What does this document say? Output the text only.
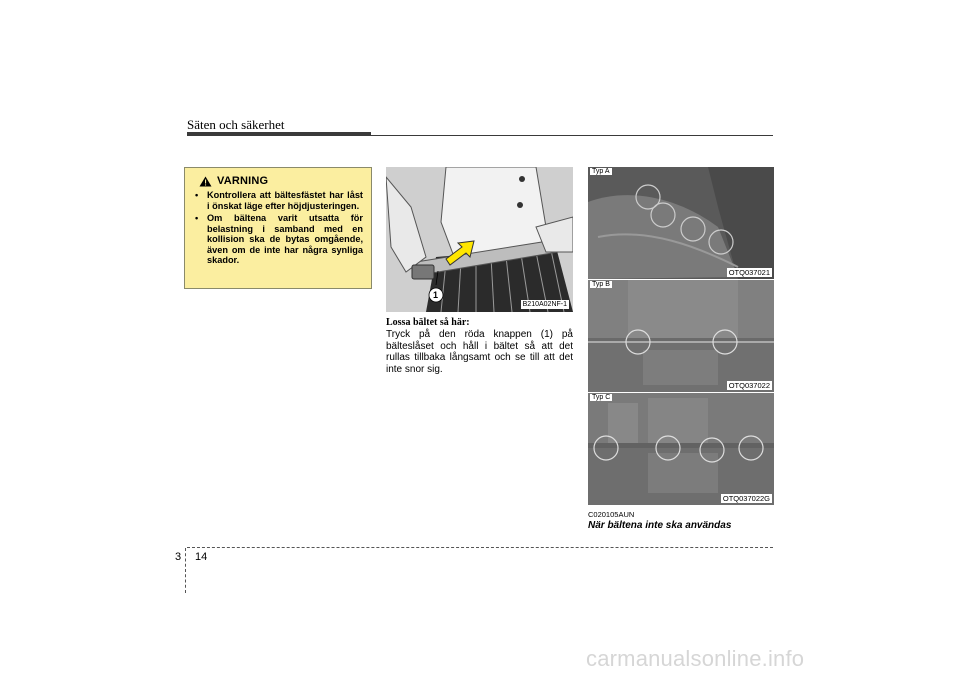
Säten och säkerhet
VARNING
• Kontrollera att bältesfästet har låst i önskat läge efter höjdjusteringen.
• Om bältena varit utsatta för belastning i samband med en kollision ska de bytas omgående, även om de inte har några synliga skador.
1
B210A02NF-1
Lossa bältet så här:
Tryck på den röda knappen (1) på bälteslåset och håll i bältet så att det rullas tillbaka långsamt och se till att det inte snor sig.
Typ A
OTQ037021
Typ B
OTQ037022
Typ C
OTQ037022G
C020105AUN
När bältena inte ska användas
3 14
carmanualsonline.info
